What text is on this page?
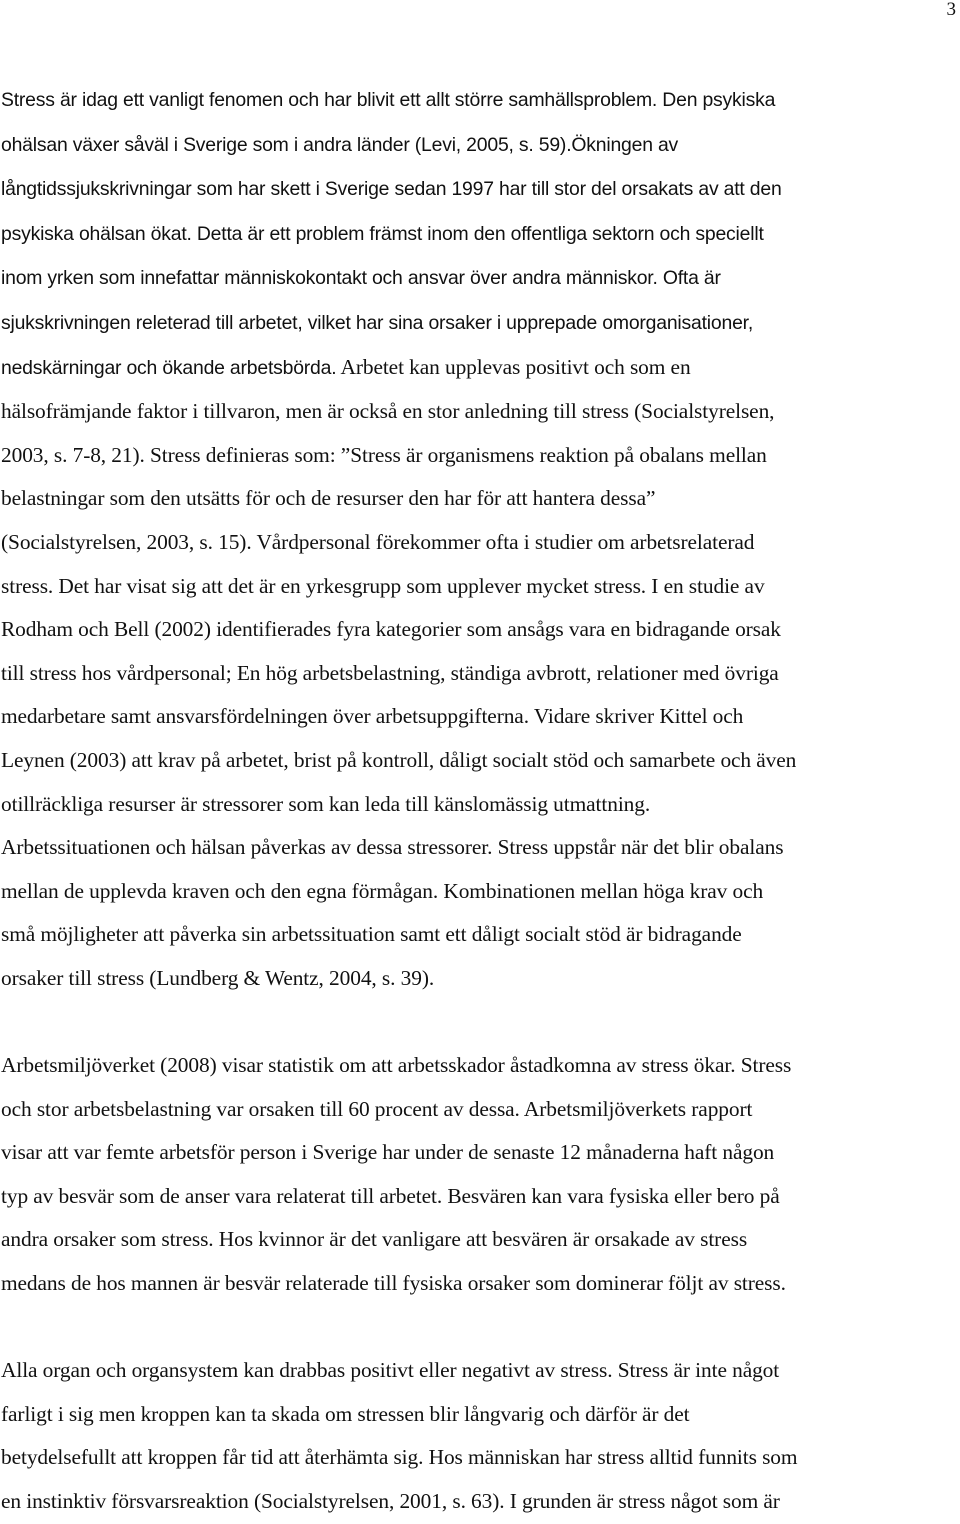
3
Stress är idag ett vanligt fenomen och har blivit ett allt större samhällsproblem. Den psykiska
ohälsan växer såväl i Sverige som i andra länder (Levi, 2005, s. 59).Ökningen av
långtidssjukskrivningar som har skett i Sverige sedan 1997 har till stor del orsakats av att den
psykiska ohälsan ökat. Detta är ett problem främst inom den offentliga sektorn och speciellt
inom yrken som innefattar människokontakt och ansvar över andra människor. Ofta är
sjukskrivningen releterad till arbetet, vilket har sina orsaker i upprepade omorganisationer,
nedskärningar och ökande arbetsbörda. Arbetet kan upplevas positivt och som en
hälsofrämjande faktor i tillvaron, men är också en stor anledning till stress (Socialstyrelsen,
2003, s. 7-8, 21). Stress definieras som: ”Stress är organismens reaktion på obalans mellan
belastningar som den utsätts för och de resurser den har för att hantera dessa”
(Socialstyrelsen, 2003, s. 15). Vårdpersonal förekommer ofta i studier om arbetsrelaterad
stress. Det har visat sig att det är en yrkesgrupp som upplever mycket stress. I en studie av
Rodham och Bell (2002) identifierades fyra kategorier som ansågs vara en bidragande orsak
till stress hos vårdpersonal; En hög arbetsbelastning, ständiga avbrott, relationer med övriga
medarbetare samt ansvarsfördelningen över arbetsuppgifterna. Vidare skriver Kittel och
Leynen (2003) att krav på arbetet, brist på kontroll, dåligt socialt stöd och samarbete och även
otillräckliga resurser är stressorer som kan leda till känslomässig utmattning.
Arbetssituationen och hälsan påverkas av dessa stressorer. Stress uppstår när det blir obalans
mellan de upplevda kraven och den egna förmågan. Kombinationen mellan höga krav och
små möjligheter att påverka sin arbetssituation samt ett dåligt socialt stöd är bidragande
orsaker till stress (Lundberg & Wentz, 2004, s. 39).
Arbetsmiljöverket (2008) visar statistik om att arbetsskador åstadkomna av stress ökar. Stress
och stor arbetsbelastning var orsaken till 60 procent av dessa. Arbetsmiljöverkets rapport
visar att var femte arbetsför person i Sverige har under de senaste 12 månaderna haft någon
typ av besvär som de anser vara relaterat till arbetet. Besvären kan vara fysiska eller bero på
andra orsaker som stress. Hos kvinnor är det vanligare att besvären är orsakade av stress
medans de hos mannen är besvär relaterade till fysiska orsaker som dominerar följt av stress.
Alla organ och organsystem kan drabbas positivt eller negativt av stress. Stress är inte något
farligt i sig men kroppen kan ta skada om stressen blir långvarig och därför är det
betydelsefullt att kroppen får tid att återhämta sig. Hos människan har stress alltid funnits som
en instinktiv försvarsreaktion (Socialstyrelsen, 2001, s. 63). I grunden är stress något som är
